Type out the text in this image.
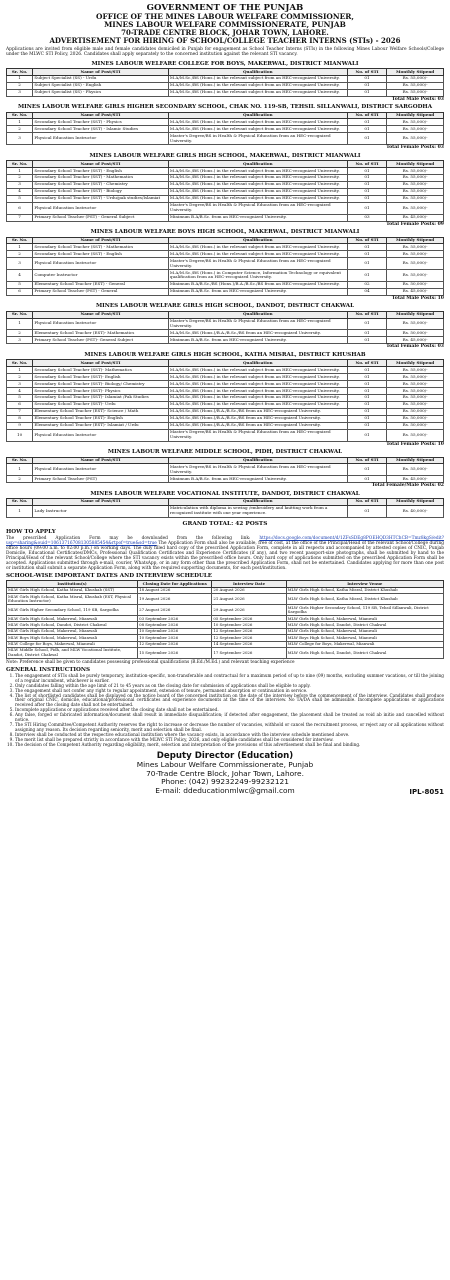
GOVERNMENT OF THE PUNJAB
OFFICE OF THE MINES LABOUR WELFARE COMMISSIONER,
MINES LABOUR WELFARE COMMISSIONERATE, PUNJAB
70-TRADE CENTRE BLOCK, JOHAR TOWN, LAHORE.
ADVERTISEMENT FOR HIRING OF SCHOOL/COLLEGE TEACHER INTERNS (STIs) - 2026
Applications are invited from eligible male and female candidates domiciled in Punjab for engagement as School Teacher Interns (STIs) in the following Mines Labour Welfare Schools/College under the MLWC STI Policy, 2026. Candidates shall apply separately to the concerned institution against the relevant STI vacancy.
MINES LABOUR WELFARE COLLEGE FOR BOYS, MAKERWAL, DISTRICT MIANWALI
Sr. No.	Name of Post/STI	Qualification	No. of STI	Monthly Stipend
1	Subject Specialist (SS) - Urdu	M.A/M.Sc./BS (Hons.) in the relevant subject from an HEC-recognized University.	01	Rs. 55,000/-
2	Subject Specialist (SS) - English	M.A/M.Sc./BS (Hons.) in the relevant subject from an HEC-recognized University.	01	Rs. 55,000/-
3	Subject Specialist (SS) - Physics	M.A/M.Sc./BS (Hons.) in the relevant subject from an HEC-recognized University.	01	Rs. 55,000/-
Total Male Posts: 03
MINES LABOUR WELFARE GIRLS HIGHER SECONDARY SCHOOL, CHAK NO. 119-SB, TEHSIL SILLANWALI, DISTRICT SARGODHA
Sr. No.	Name of Post/STI	Qualification	No. of STI	Monthly Stipend
1	Secondary School Teacher (SST) - Physics	M.A/M.Sc./BS (Hons.) in the relevant subject from an HEC-recognized University.	01	Rs. 55,000/-
2	Secondary School Teacher (SST) - Islamic Studies	M.A/M.Sc./BS (Hons.) in the relevant subject from an HEC-recognized University.	01	Rs. 55,000/-
3	Physical Education Instructor	Master's Degree/BS in Health & Physical Education from an HEC-recognized University.	01	Rs. 55,000/-
Total Female Posts: 03
MINES LABOUR WELFARE GIRLS HIGH SCHOOL, MAKERWAL, DISTRICT MIANWALI
Sr. No.	Name of Post/STI	Qualification	No. of STI	Monthly Stipend
1	Secondary School Teacher (SST) - English	M.A/M.Sc./BS (Hons.) in the relevant subject from an HEC-recognized University.	01	Rs. 55,000/-
2	Secondary School Teacher (SST) - Mathematics	M.A/M.Sc./BS (Hons.) in the relevant subject from an HEC-recognized University.	01	Rs. 55,000/-
3	Secondary School Teacher (SST) - Chemistry	M.A/M.Sc./BS (Hons.) in the relevant subject from an HEC-recognized University.	01	Rs. 55,000/-
4	Secondary School Teacher (SST) - Biology	M.A/M.Sc./BS (Hons.) in the relevant subject from an HEC-recognized University.	01	Rs. 55,000/-
5	Secondary School Teacher (SST) - Urdu/pak studies/Islamiat	M.A/M.Sc./BS (Hons.) in the relevant subject from an HEC-recognized University.	01	Rs. 55,000/-
6	Physical Education Instructor	Master's Degree/BS in Health & Physical Education from an HEC-recognized University.	01	Rs. 55,000/-
7	Primary School Teacher (PST) - General Subject	Minimum B.A/B.Sc. from an HEC-recognized University.	03	Rs. 45,000/-
Total Female Posts: 09
MINES LABOUR WELFARE BOYS HIGH SCHOOL, MAKERWAL, DISTRICT MIANWALI
Sr. No.	Name of Post/STI	Qualification	No. of STI	Monthly Stipend
1	Secondary School Teacher (SST) - Mathematics	M.A/M.Sc./BS (Hons.) in the relevant subject from an HEC-recognized University.	01	Rs. 55,000/-
2	Secondary School Teacher (SST) - English	M.A/M.Sc./BS (Hons.) in the relevant subject from an HEC-recognized University.	01	Rs. 55,000/-
3	Physical Education Instructor	Master's Degree/BS in Health & Physical Education from an HEC-recognized University.	01	Rs. 55,000/-
4	Computer Instructor	M.A/M.Sc./BS (Hons.) in Computer Science, Information Technology or equivalent qualification from an HEC-recognized University.	01	Rs. 55,000/-
5	Elementary School Teacher (EST) - General	Minimum B.A/B.Sc./BS (Hons.)/B.A./B.Sc./BS from an HEC-recognized University.	02	Rs. 50,000/-
6	Primary School Teacher (PST) - General	Minimum B.A/B.Sc. from an HEC-recognized University.	04	Rs. 45,000/-
Total Male Posts: 10
MINES LABOUR WELFARE GIRLS HIGH SCHOOL, DANDOT, DISTRICT CHAKWAL
Sr. No.	Name of Post/STI	Qualification	No. of STI	Monthly Stipend
1	Physical Education Instructor	Master's Degree/BS in Health & Physical Education from an HEC-recognized University.	01	Rs. 55,000/-
2	Elementary School Teacher (EST)- Mathematics	M.A/M.Sc./BS (Hons.)/B.A./B.Sc./BS from an HEC-recognized University.	01	Rs. 50,000/-
3	Primary School Teacher (PST)- General Subject	Minimum B.A/B.Sc. from an HEC-recognized University.	01	Rs. 45,000/-
Total Female Posts: 03
MINES LABOUR WELFARE GIRLS HIGH SCHOOL, KATHA MISRAL, DISTRICT KHUSHAB
Sr. No.	Name of Post/STI	Qualification	No. of STI	Monthly Stipend
1	Secondary School Teacher (SST)- Mathematics	M.A/M.Sc./BS (Hons.) in the relevant subject from an HEC-recognized University.	01	Rs. 55,000/-
2	Secondary School Teacher (SST)- English	M.A/M.Sc./BS (Hons.) in the relevant subject from an HEC-recognized University.	01	Rs. 55,000/-
3	Secondary School Teacher (SST)- Biology/ Chemistry	M.A/M.Sc./BS (Hons.) in the relevant subject from an HEC-recognized University.	01	Rs. 55,000/-
4	Secondary School Teacher (SST)- Physics	M.A/M.Sc./BS (Hons.) in the relevant subject from an HEC-recognized University.	01	Rs. 55,000/-
5	Secondary School Teacher (SST)- Islamiat /Pak Studies	M.A/M.Sc./BS (Hons.) in the relevant subject from an HEC-recognized University.	01	Rs. 55,000/-
6	Secondary School Teacher (SST)- Urdu	M.A/M.Sc./BS (Hons.) in the relevant subject from an HEC-recognized University.	01	Rs. 55,000/-
7	Elementary School Teacher (EST)- Science / Math	M.A/M.Sc./BS (Hons.)/B.A./B.Sc./BS from an HEC-recognized University.	01	Rs. 50,000/-
8	Elementary School Teacher (EST)- English	M.A/M.Sc./BS (Hons.)/B.A./B.Sc./BS from an HEC-recognized University.	01	Rs. 50,000/-
9	Elementary School Teacher (EST)- Islamiat / Urdu	M.A/M.Sc./BS (Hons.)/B.A./B.Sc./BS from an HEC-recognized University.	01	Rs. 50,000/-
10	Physical Education Instructor	Master's Degree/BS in Health & Physical Education from an HEC-recognized University.	01	Rs. 55,000/-
Total Female Posts: 10
MINES LABOUR WELFARE MIDDLE SCHOOL, PIDH, DISTRICT CHAKWAL
Sr. No.	Name of Post/STI	Qualification	No. of STI	Monthly Stipend
1	Physical Education Instructor	Master's Degree/BS in Health & Physical Education from an HEC-recognized University.	01	Rs. 55,000/-
2	Primary School Teacher (PST)	Minimum B.A/B.Sc. from an HEC-recognized University.	01	Rs. 45,000/-
Total Female/Male Posts: 02
MINES LABOUR WELFARE VOCATIONAL INSTITUTE, DANDOT, DISTRICT CHAKWAL
Sr. No.	Name of Post/STI	Qualification	No. of STI	Monthly Stipend
1	Lady Instructor	Matriculation with diploma in sewing /embroidery and knitting work from a recognized institute with one year experience.	01	Rs. 40,000/-
GRAND TOTAL: 42 POSTS
HOW TO APPLY
The prescribed Application Form may be downloaded from the following link: https://docs.google.com/document/d/1ZFsSDEg8POEHQD3HTChCB=Tmz8kgS/edit?usp=sharing&ouid=106137167081305885454&rtpof=true&sd=true The Application Form shall also be available, free of cost, at the office of the Principal/Head of the relevant School/College during office hours (09:00 a.m. to 02:00 p.m.) on working days. The duly filled hard copy of the prescribed Application Form, complete in all respects and accompanied by attested copies of CNIC, Punjab Domicile, Educational Certificates/DMCs, Professional Qualification Certificates and Experience Certificates (if any), and two recent passport-size photographs, shall be submitted by hand to the Principal/Head of the relevant School/College where the STI vacancy exists within the prescribed office hours. Only hard copy of applications submitted on the prescribed Application Form shall be accepted. Applications submitted through e-mail, courier, WhatsApp, or in any form other than the prescribed Application Form, shall not be entertained. Candidates applying for more than one post or institution shall submit a separate Application Form, along with the required supporting documents, for each post/institution.
SCHOOL-WISE IMPORTANT DATES AND INTERVIEW SCHEDULE
Institution(s)	Closing Date for Applications	Interview Date	Interview Venue
MLW Girls High School, Katha Misral, Khushab (SST)	18 August 2026	20 August 2026	MLW Girls High School, Katha Misral, District Khushab
MLW Girls High School, Katha Misral, Khushab (EST, Physical Education Instructor)	19 August 2026	21 August 2026	MLW Girls High School, Katha Misral, District Khushab
MLW Girls Higher Secondary School, 119 SB, Sargodha	27 August 2026	29 August 2026	MLW Girls Higher Secondary School, 119 SB, Tehsil Sillanwali, District Sargodha
MLW Girls High School, Makerwal, Mianwali	03 September 2026	05 September 2026	MLW Girls High School, Makerwal, Mianwali
MLW Girls High School, Dandot, District Chakwal	08 September 2026	10 September 2026	MLW Girls High School, Dandot, District Chakwal
MLW Girls High School, Makerwal, Mianwali	10 September 2026	12 September 2026	MLW Girls High School, Makerwal, Mianwali
MLW Boys High School, Makerwal, Mianwali	10 September 2026	12 September 2026	MLW Boys High School, Makerwal, Mianwali
MLW College for Boys, Makerwal, Mianwali	12 September 2026	14 September 2026	MLW College for Boys, Makerwal, Mianwali
MLW Middle School, Pidh, and MLW Vocational Institute, Dandot, District Chakwal	15 September 2026	17 September 2026	MLW Girls High School, Dandot, District Chakwal
Note: Preference shall be given to candidates possessing professional qualifications (B.Ed./M.Ed.) and relevant teaching experience
GENERAL INSTRUCTIONS
1. The engagement of STIs shall be purely temporary, institution-specific, non-transferable and contractual for a maximum period of up to nine (09) months, excluding summer vacations, or till the joining of a regular incumbent, whichever is earlier.
2. Only candidates falling within the age limit of 21 to 45 years as on the closing date for submission of applications shall be eligible to apply.
3. The engagement shall not confer any right to regular appointment, extension of tenure, permanent absorption or continuation in service.
4. The list of shortlisted candidates shall be displayed on the notice board of the concerned institution on the date of the interview before the commencement of the interview. Candidates shall produce their original CNIC, domicile, educational/professional certificates and experience documents at the time of the interview. No TA/DA shall be admissible. Incomplete applications or applications received after the closing date shall not be entertained.
5. Incomplete applications or applications received after the closing date shall not be entertained.
6. Any false, forged or fabricated information/document shall result in immediate disqualification; if detected after engagement, the placement shall be treated as void ab initio and cancelled without notice.
7. The STI Hiring Committee/Competent Authority reserves the right to increase or decrease the number of vacancies, withhold or cancel the recruitment process, or reject any or all applications without assigning any reason. Its decision regarding seniority, merit and selection shall be final.
8. Interview shall be conducted at the respective educational institution where the vacancy exists, in accordance with the interview schedule mentioned above.
9. The merit list shall be prepared strictly in accordance with the MLWC STI Policy, 2026, and only eligible candidates shall be considered for interview.
10. The decision of the Competent Authority regarding eligibility, merit, selection and interpretation of the provisions of this advertisement shall be final and binding.
Deputy Director (Education)
Mines Labour Welfare Commissionerate, Punjab
70-Trade Centre Block, Johar Town, Lahore.
Phone: (042) 99232249-99232121
E-mail: ddeducationmlwc@gmail.com	IPL-8051
